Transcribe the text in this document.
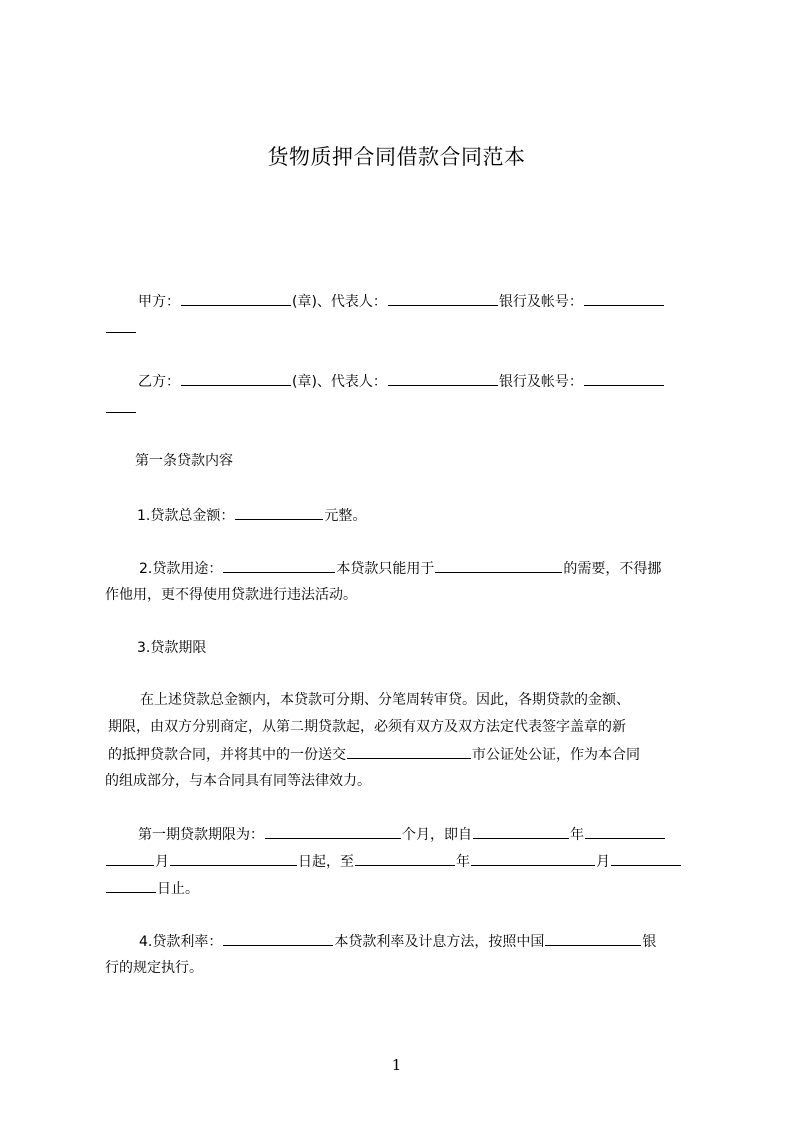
货物质押合同借款合同范本
甲方：	(章)、代表人：	银行及帐号：
乙方：	(章)、代表人：	银行及帐号：
第一条贷款内容
1.贷款总金额：	元整。
2.贷款用途：	本贷款只能用于	的需要，不得挪
作他用，更不得使用贷款进行违法活动。
3.贷款期限
在上述贷款总金额内，本贷款可分期、分笔周转审贷。因此，各期贷款的金额、
期限，由双方分别商定，从第二期贷款起，必须有双方及双方法定代表签字盖章的新
的抵押贷款合同，并将其中的一份送交	市公证处公证，作为本合同
的组成部分，与本合同具有同等法律效力。
第一期贷款期限为：	个月，即自	年
月	日起，至	年	月
日止。
4.贷款利率：	本贷款利率及计息方法，按照中国	银
行的规定执行。
1
